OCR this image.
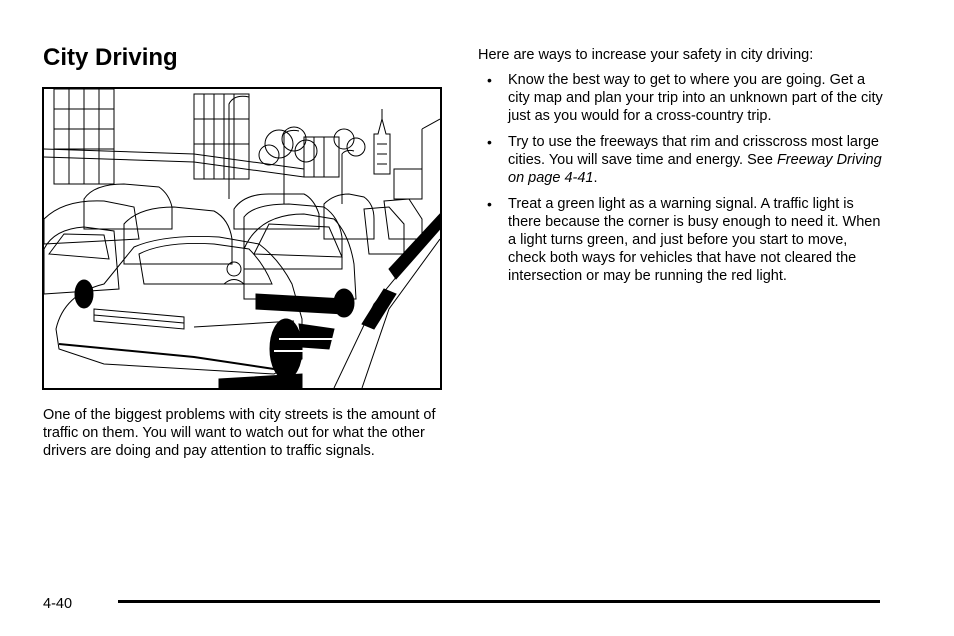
City Driving

One of the biggest problems with city streets is the amount of traffic on them. You will want to watch out for what the other drivers are doing and pay attention to traffic signals.

Here are ways to increase your safety in city driving:

• Know the best way to get to where you are going. Get a city map and plan your trip into an unknown part of the city just as you would for a cross-country trip.
• Try to use the freeways that rim and crisscross most large cities. You will save time and energy. See Freeway Driving on page 4-41.
• Treat a green light as a warning signal. A traffic light is there because the corner is busy enough to need it. When a light turns green, and just before you start to move, check both ways for vehicles that have not cleared the intersection or may be running the red light.
4-40
